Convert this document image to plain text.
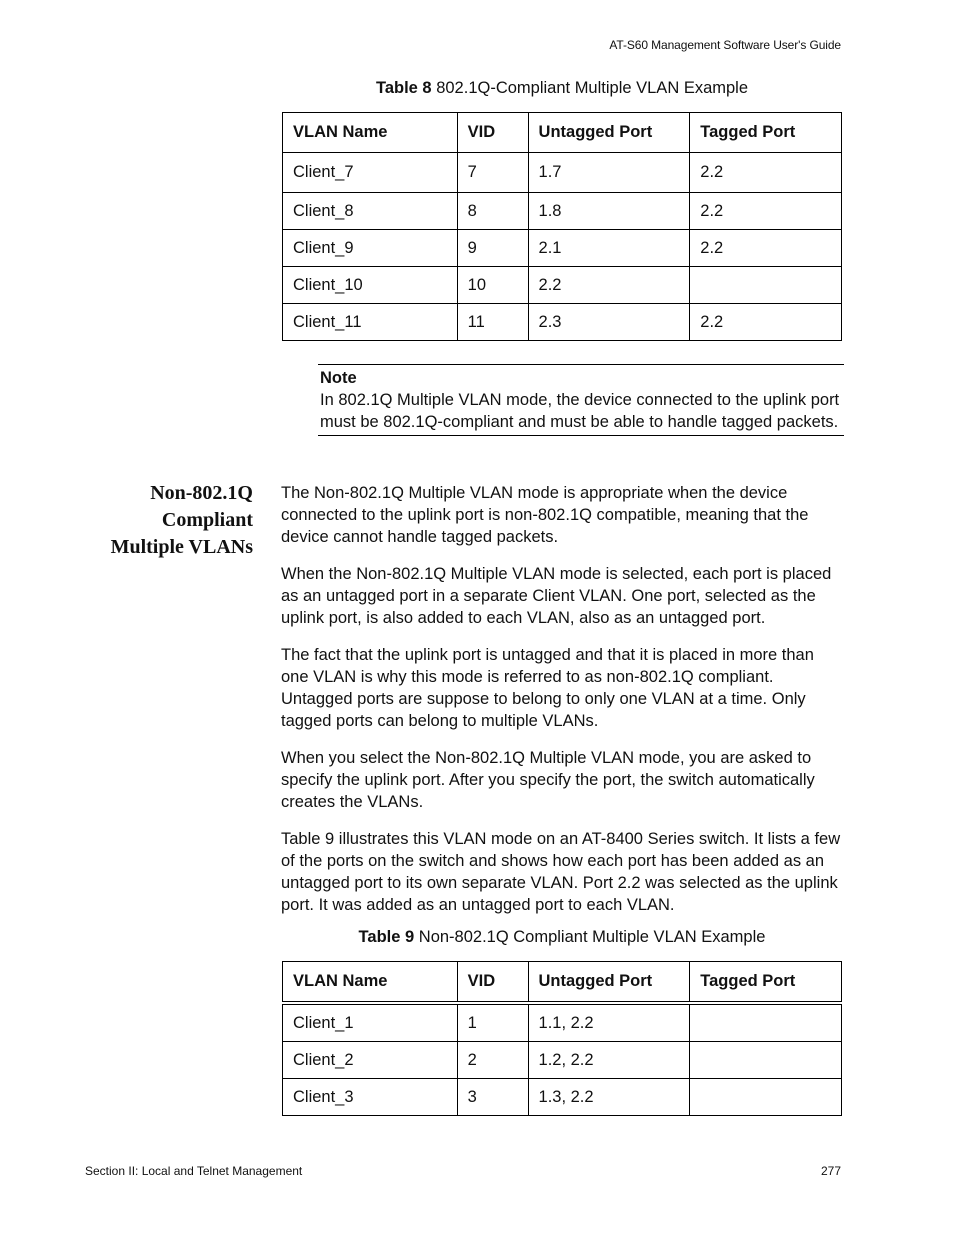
AT-S60 Management Software User's Guide
Table 8 802.1Q-Compliant Multiple VLAN Example
VLAN Name	VID	Untagged Port	Tagged Port
Client_7	7	1.7	2.2
Client_8	8	1.8	2.2
Client_9	9	2.1	2.2
Client_10	10	2.2	
Client_11	11	2.3	2.2
Note
In 802.1Q Multiple VLAN mode, the device connected to the uplink port must be 802.1Q-compliant and must be able to handle tagged packets.
Non-802.1Q
Compliant
Multiple VLANs

The Non-802.1Q Multiple VLAN mode is appropriate when the device connected to the uplink port is non-802.1Q compatible, meaning that the device cannot handle tagged packets.

When the Non-802.1Q Multiple VLAN mode is selected, each port is placed as an untagged port in a separate Client VLAN. One port, selected as the uplink port, is also added to each VLAN, also as an untagged port.

The fact that the uplink port is untagged and that it is placed in more than one VLAN is why this mode is referred to as non-802.1Q compliant. Untagged ports are suppose to belong to only one VLAN at a time. Only tagged ports can belong to multiple VLANs.

When you select the Non-802.1Q Multiple VLAN mode, you are asked to specify the uplink port. After you specify the port, the switch automatically creates the VLANs.

Table 9 illustrates this VLAN mode on an AT-8400 Series switch. It lists a few of the ports on the switch and shows how each port has been added as an untagged port to its own separate VLAN. Port 2.2 was selected as the uplink port. It was added as an untagged port to each VLAN.

Table 9 Non-802.1Q Compliant Multiple VLAN Example
VLAN Name	VID	Untagged Port	Tagged Port
Client_1	1	1.1, 2.2	
Client_2	2	1.2, 2.2	
Client_3	3	1.3, 2.2	
Section II: Local and Telnet Management	277
